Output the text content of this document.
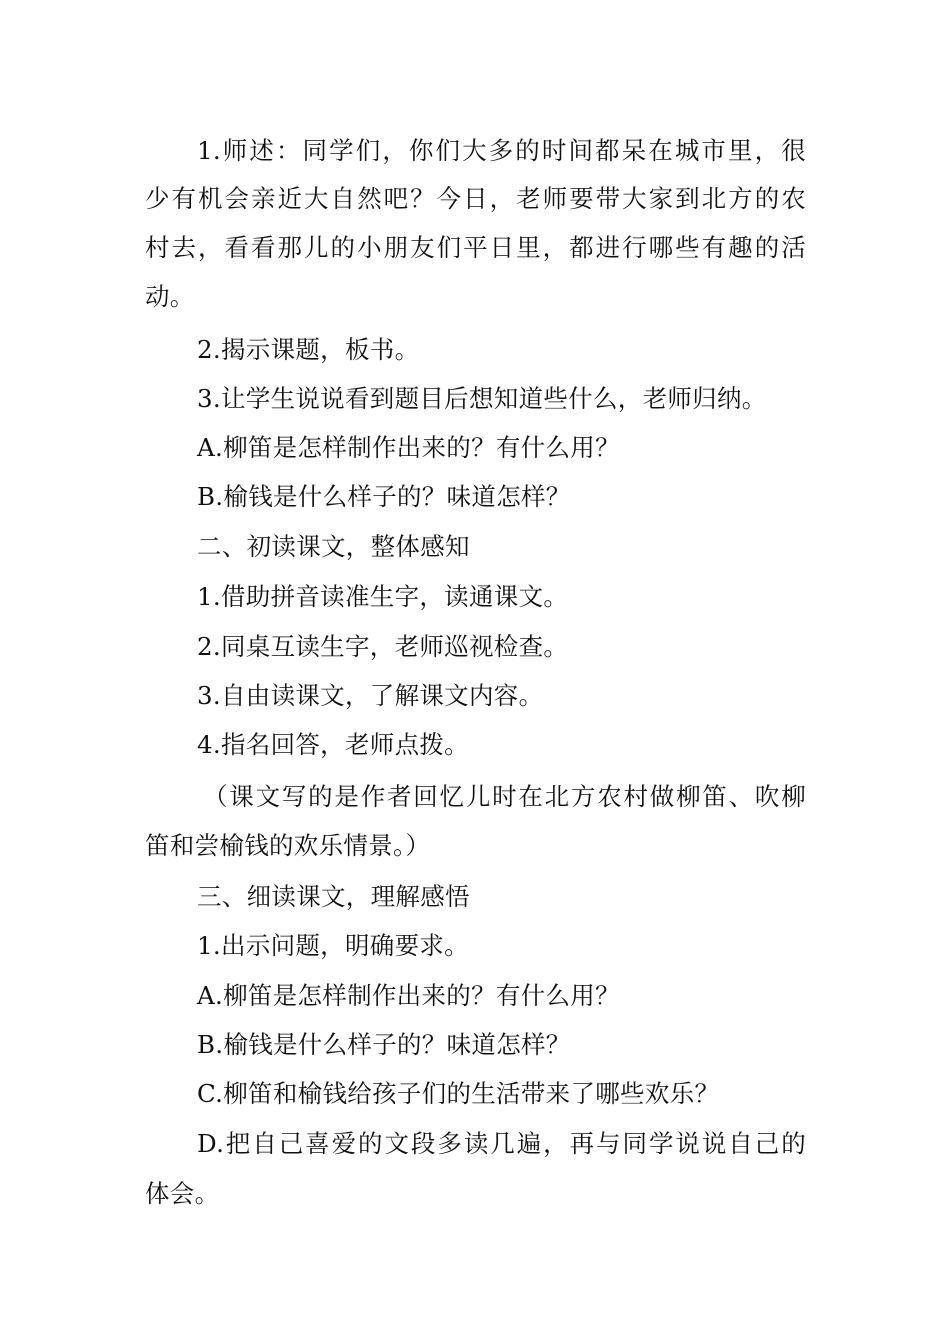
1.师述：同学们，你们大多的时间都呆在城市里，很
少有机会亲近大自然吧？今日，老师要带大家到北方的农
村去，看看那儿的小朋友们平日里，都进行哪些有趣的活
动。
2.揭示课题，板书。
3.让学生说说看到题目后想知道些什么，老师归纳。
A.柳笛是怎样制作出来的？有什么用？
B.榆钱是什么样子的？味道怎样？
二、初读课文，整体感知
1.借助拼音读准生字，读通课文。
2.同桌互读生字，老师巡视检查。
3.自由读课文，了解课文内容。
4.指名回答，老师点拨。
（课文写的是作者回忆儿时在北方农村做柳笛、吹柳
笛和尝榆钱的欢乐情景。）
三、细读课文，理解感悟
1.出示问题，明确要求。
A.柳笛是怎样制作出来的？有什么用？
B.榆钱是什么样子的？味道怎样？
C.柳笛和榆钱给孩子们的生活带来了哪些欢乐？
D.把自己喜爱的文段多读几遍，再与同学说说自己的
体会。
